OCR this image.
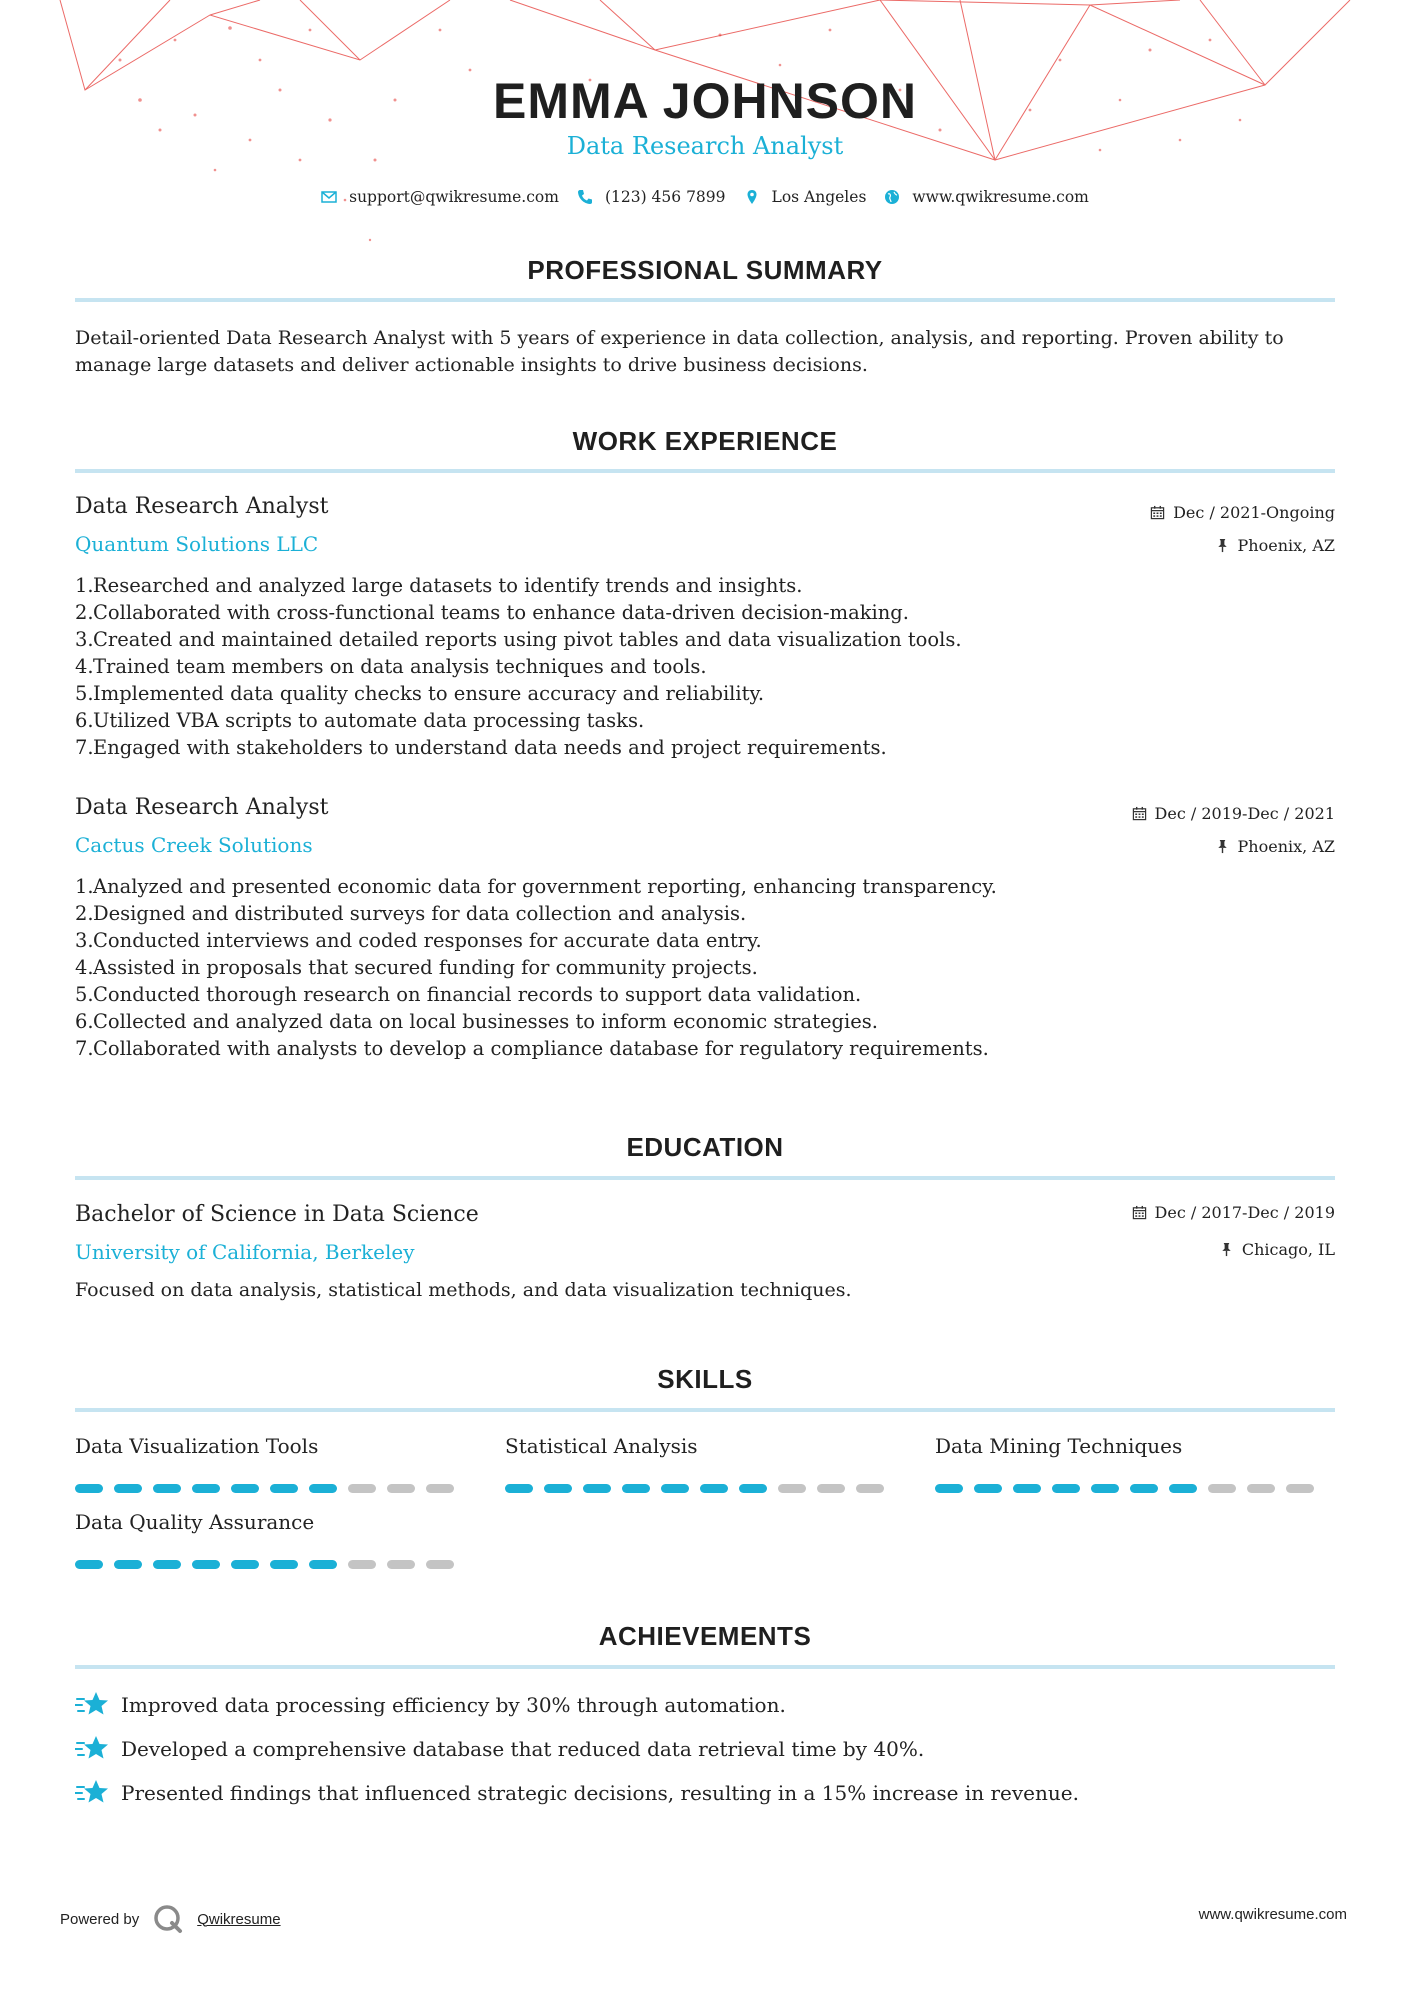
EMMA JOHNSON
Data Research Analyst
support@qwikresume.com	(123) 456 7899	Los Angeles	www.qwikresume.com
PROFESSIONAL SUMMARY
Detail-oriented Data Research Analyst with 5 years of experience in data collection, analysis, and reporting. Proven ability to
manage large datasets and deliver actionable insights to drive business decisions.
WORK EXPERIENCE
Data Research Analyst
Quantum Solutions LLC
Dec / 2021-Ongoing
Phoenix, AZ
1. Researched and analyzed large datasets to identify trends and insights.
2. Collaborated with cross-functional teams to enhance data-driven decision-making.
3. Created and maintained detailed reports using pivot tables and data visualization tools.
4. Trained team members on data analysis techniques and tools.
5. Implemented data quality checks to ensure accuracy and reliability.
6. Utilized VBA scripts to automate data processing tasks.
7. Engaged with stakeholders to understand data needs and project requirements.
Data Research Analyst
Cactus Creek Solutions
Dec / 2019-Dec / 2021
Phoenix, AZ
1. Analyzed and presented economic data for government reporting, enhancing transparency.
2. Designed and distributed surveys for data collection and analysis.
3. Conducted interviews and coded responses for accurate data entry.
4. Assisted in proposals that secured funding for community projects.
5. Conducted thorough research on financial records to support data validation.
6. Collected and analyzed data on local businesses to inform economic strategies.
7. Collaborated with analysts to develop a compliance database for regulatory requirements.
EDUCATION
Bachelor of Science in Data Science
University of California, Berkeley
Dec / 2017-Dec / 2019
Chicago, IL
Focused on data analysis, statistical methods, and data visualization techniques.
SKILLS
Data Visualization Tools	Statistical Analysis	Data Mining Techniques
Data Quality Assurance
ACHIEVEMENTS
Improved data processing efficiency by 30% through automation.
Developed a comprehensive database that reduced data retrieval time by 40%.
Presented findings that influenced strategic decisions, resulting in a 15% increase in revenue.
Powered by	Qwikresume	www.qwikresume.com
